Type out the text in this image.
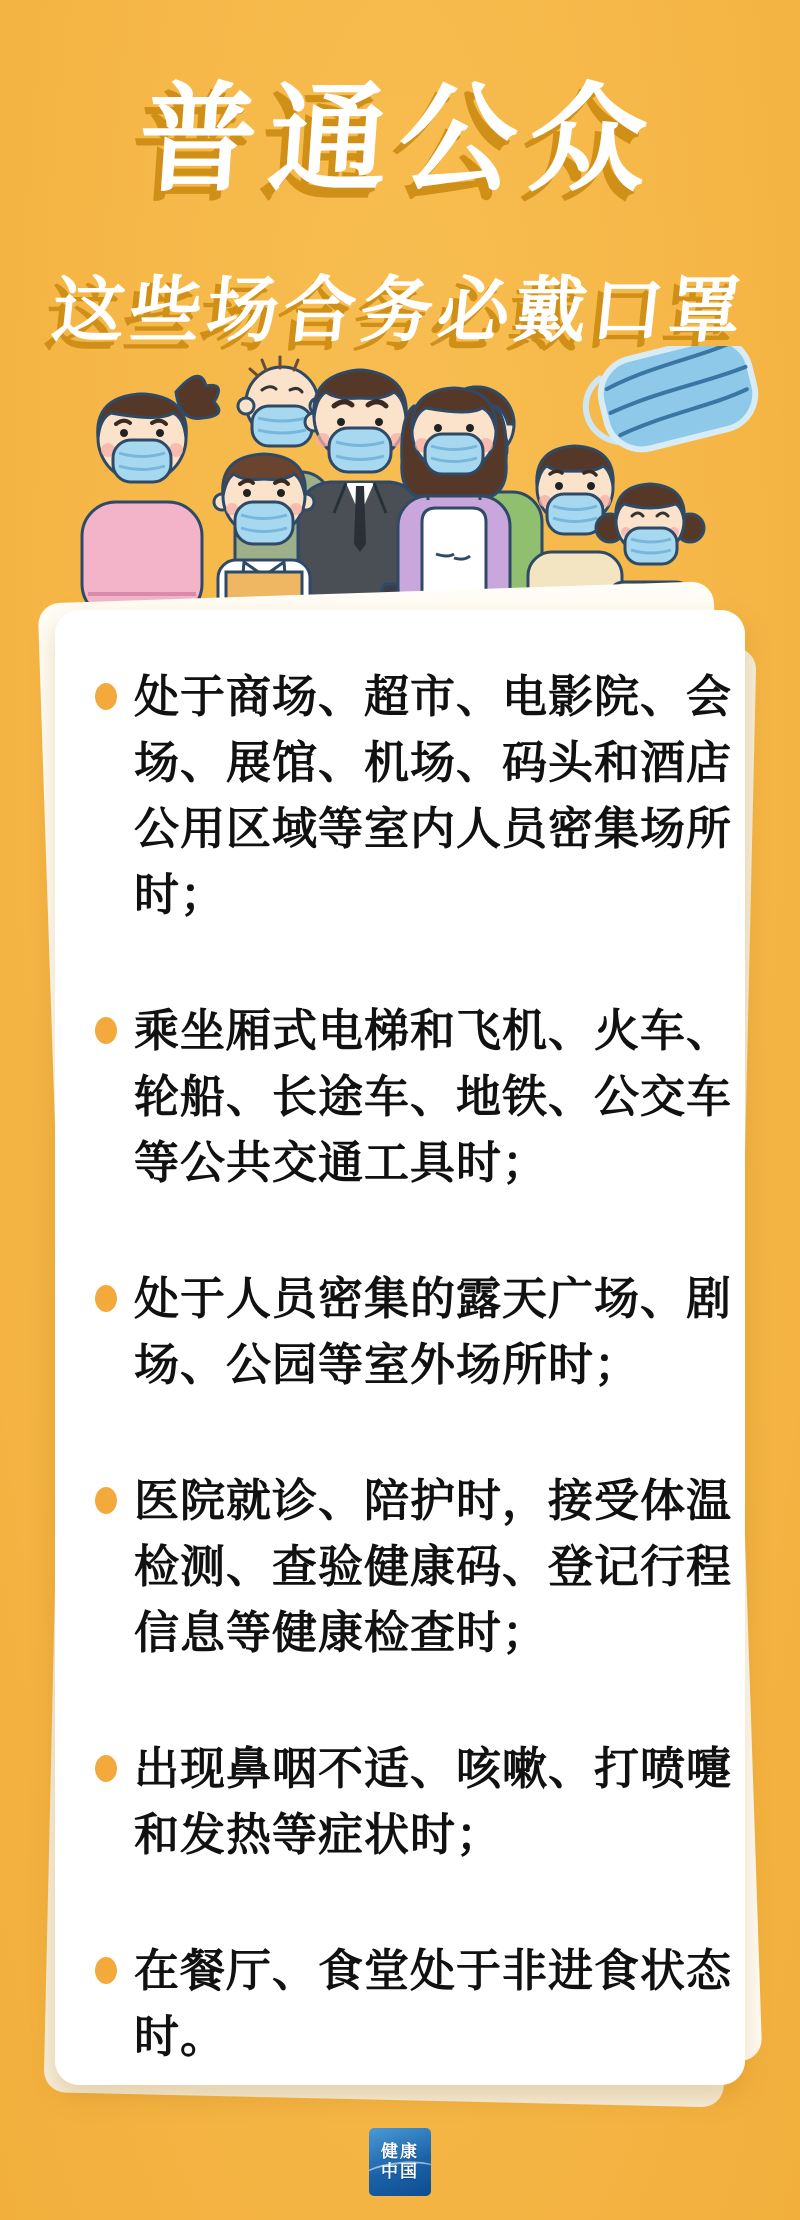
普通公众
这些场合务必戴口罩
处于商场、超市、电影院、会
场、展馆、机场、码头和酒店
公用区域等室内人员密集场所
时；
乘坐厢式电梯和飞机、火车、
轮船、长途车、地铁、公交车
等公共交通工具时；
处于人员密集的露天广场、剧
场、公园等室外场所时；
医院就诊、陪护时，接受体温
检测、查验健康码、登记行程
信息等健康检查时；
出现鼻咽不适、咳嗽、打喷嚏
和发热等症状时；
在餐厅、食堂处于非进食状态
时。
健康
中国
